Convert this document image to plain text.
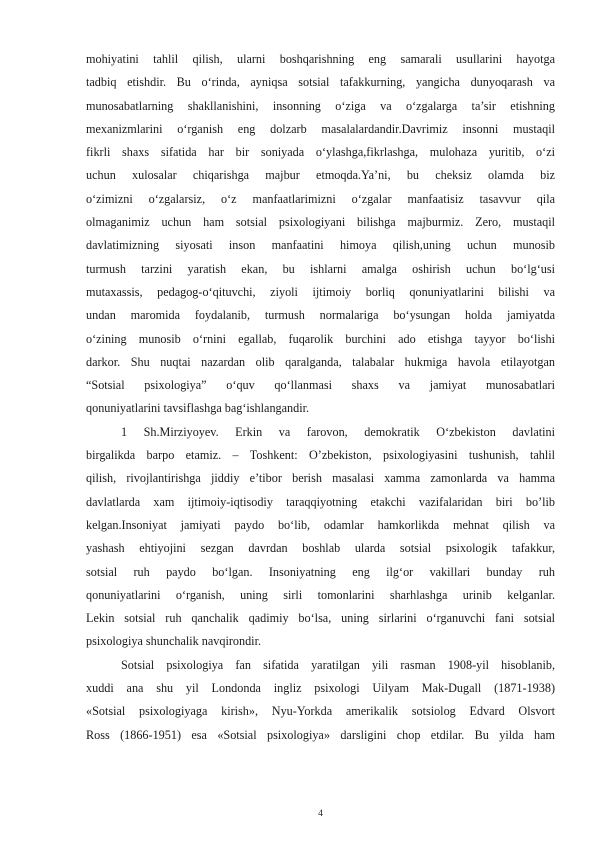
mohiyatini tahlil qilish, ularni boshqarishning eng samarali usullarini hayotga
tadbiq etishdir. Bu o‘rinda, ayniqsa sotsial tafakkurning, yangicha dunyoqarash va
munosabatlarning shakllanishini, insonning o‘ziga va o‘zgalarga ta’sir etishning
mexanizmlarini o‘rganish eng dolzarb masalalardandir.Davrimiz insonni mustaqil
fikrli shaxs sifatida har bir soniyada o‘ylashga,fikrlashga, mulohaza yuritib, o‘zi
uchun xulosalar chiqarishga majbur etmoqda.Ya’ni, bu cheksiz olamda biz
o‘zimizni o‘zgalarsiz, o‘z manfaatlarimizni o‘zgalar manfaatisiz tasavvur qila
olmaganimiz uchun ham sotsial psixologiyani bilishga majburmiz. Zero, mustaqil
davlatimizning siyosati inson manfaatini himoya qilish,uning uchun munosib
turmush tarzini yaratish ekan, bu ishlarni amalga oshirish uchun bo‘lg‘usi
mutaxassis, pedagog-o‘qituvchi, ziyoli ijtimoiy borliq qonuniyatlarini bilishi va
undan maromida foydalanib, turmush normalariga bo‘ysungan holda jamiyatda
o‘zining munosib o‘rnini egallab, fuqarolik burchini ado etishga tayyor bo‘lishi
darkor. Shu nuqtai nazardan olib qaralganda, talabalar hukmiga havola etilayotgan
“Sotsial psixologiya” o‘quv qo‘llanmasi shaxs va jamiyat munosabatlari
qonuniyatlarini tavsiflashga bag‘ishlangandir.
1 Sh.Mirziyoyev. Erkin va farovon, demokratik O‘zbekiston davlatini
birgalikda barpo etamiz. – Toshkent: O’zbekiston, psixologiyasini tushunish, tahlil
qilish, rivojlantirishga jiddiy e’tibor berish masalasi xamma zamonlarda va hamma
davlatlarda xam ijtimoiy-iqtisodiy taraqqiyotning etakchi vazifalaridan biri bo’lib
kelgan.Insoniyat jamiyati paydo bo‘lib, odamlar hamkorlikda mehnat qilish va
yashash ehtiyojini sezgan davrdan boshlab ularda sotsial psixologik tafakkur,
sotsial ruh paydo bo‘lgan. Insoniyatning eng ilg‘or vakillari bunday ruh
qonuniyatlarini o‘rganish, uning sirli tomonlarini sharhlashga urinib kelganlar.
Lekin sotsial ruh qanchalik qadimiy bo‘lsa, uning sirlarini o‘rganuvchi fani sotsial
psixologiya shunchalik navqirondir.
Sotsial psixologiya fan sifatida yaratilgan yili rasman 1908-yil hisoblanib,
xuddi ana shu yil Londonda ingliz psixologi Uilyam Mak-Dugall (1871-1938)
«Sotsial psixologiyaga kirish», Nyu-Yorkda amerikalik sotsiolog Edvard Olsvort
Ross (1866-1951) esa «Sotsial psixologiya» darsligini chop etdilar. Bu yilda ham
4
